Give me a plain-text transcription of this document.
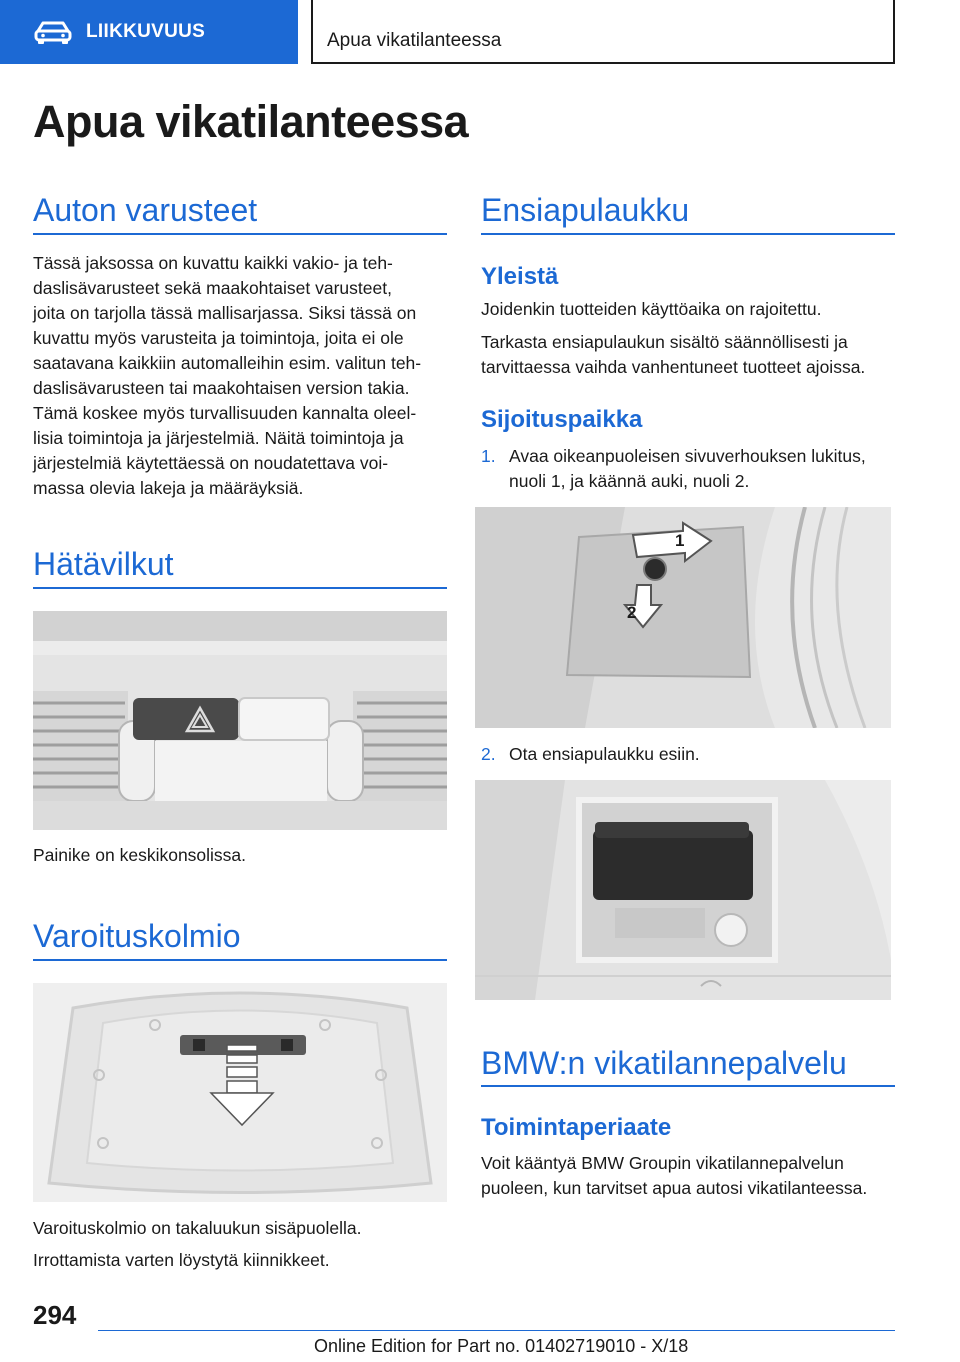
LIIKKUVUUS	Apua vikatilanteessa
Apua vikatilanteessa
Auton varusteet

Tässä jaksossa on kuvattu kaikki vakio- ja teh‐

daslisävarusteet sekä maakohtaiset varusteet,

joita on tarjolla tässä mallisarjassa. Siksi tässä on

kuvattu myös varusteita ja toimintoja, joita ei ole

saatavana kaikkiin automalleihin esim. valitun teh‐

daslisävarusteen tai maakohtaisen version takia.

Tämä koskee myös turvallisuuden kannalta oleel‐

lisia toimintoja ja järjestelmiä. Näitä toimintoja ja

järjestelmiä käytettäessä on noudatettava voi‐

massa olevia lakeja ja määräyksiä.

Hätävilkut

Painike on keskikonsolissa.

Varoituskolmio

Varoituskolmio on takaluukun sisäpuolella.

Irrottamista varten löystytä kiinnikkeet.

Ensiapulaukku
Yleistä

Joidenkin tuotteiden käyttöaika on rajoitettu.

Tarkasta ensiapulaukun sisältö säännöllisesti ja

tarvittaessa vaihda vanhentuneet tuotteet ajoissa.

Sijoituspaikka
1. Avaa oikeanpuoleisen sivuverhouksen lukitus,

nuoli 1, ja käännä auki, nuoli 2.

1
2
2. Ota ensiapulaukku esiin.

BMW:n vikatilannepalvelu
Toimintaperiaate

Voit kääntyä BMW Groupin vikatilannepalvelun

puoleen, kun tarvitset apua autosi vikatilanteessa.

294
Online Edition for Part no. 01402719010 - X/18
